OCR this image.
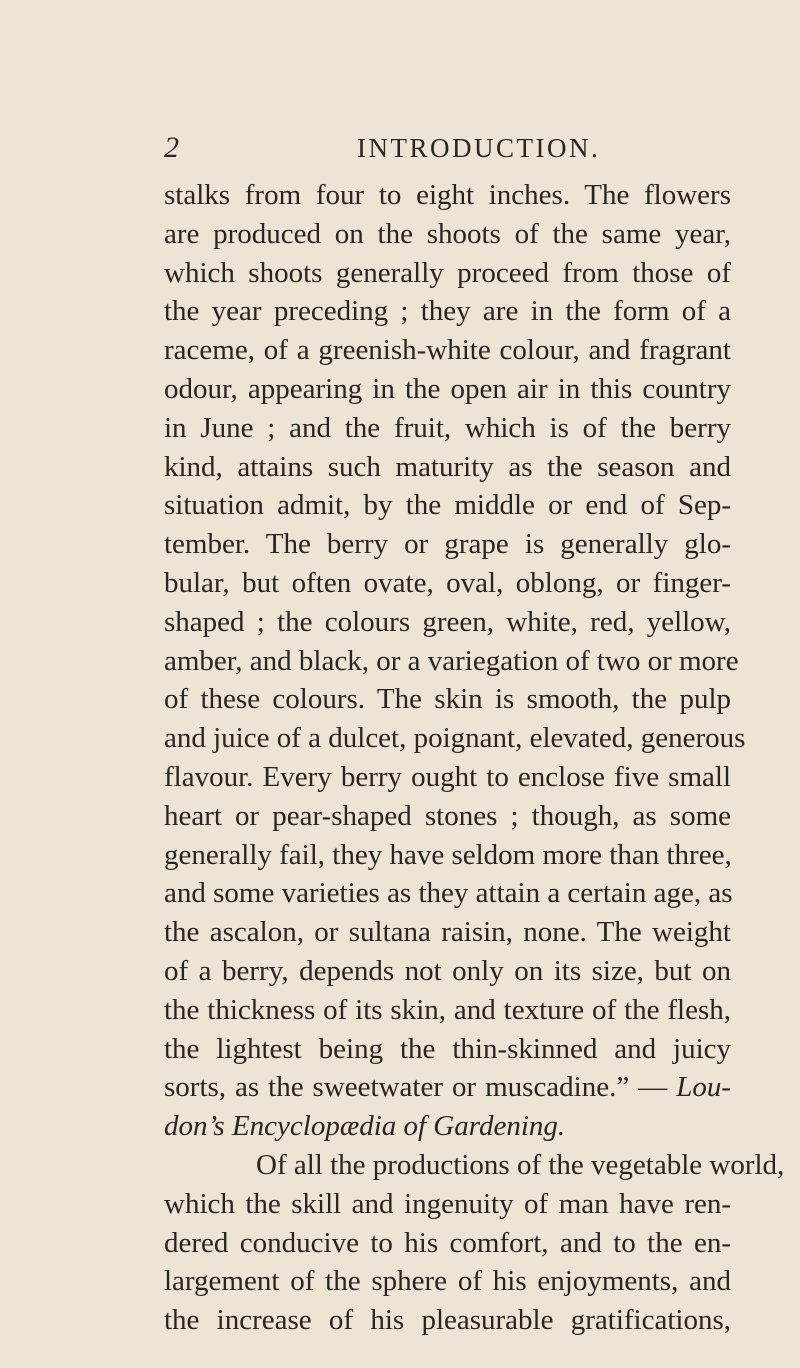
2	INTRODUCTION.
stalks from four to eight inches. The flowers
are produced on the shoots of the same year,
which shoots generally proceed from those of
the year preceding ; they are in the form of a
raceme, of a greenish-white colour, and fragrant
odour, appearing in the open air in this country
in June ; and the fruit, which is of the berry
kind, attains such maturity as the season and
situation admit, by the middle or end of Sep-
tember. The berry or grape is generally glo-
bular, but often ovate, oval, oblong, or finger-
shaped ; the colours green, white, red, yellow,
amber, and black, or a variegation of two or more
of these colours. The skin is smooth, the pulp
and juice of a dulcet, poignant, elevated, generous
flavour. Every berry ought to enclose five small
heart or pear-shaped stones ; though, as some
generally fail, they have seldom more than three,
and some varieties as they attain a certain age, as
the ascalon, or sultana raisin, none. The weight
of a berry, depends not only on its size, but on
the thickness of its skin, and texture of the flesh,
the lightest being the thin-skinned and juicy
sorts, as the sweetwater or muscadine.” — Lou-
don’s Encyclopædia of Gardening.
Of all the productions of the vegetable world,
which the skill and ingenuity of man have ren-
dered conducive to his comfort, and to the en-
largement of the sphere of his enjoyments, and
the increase of his pleasurable gratifications,
